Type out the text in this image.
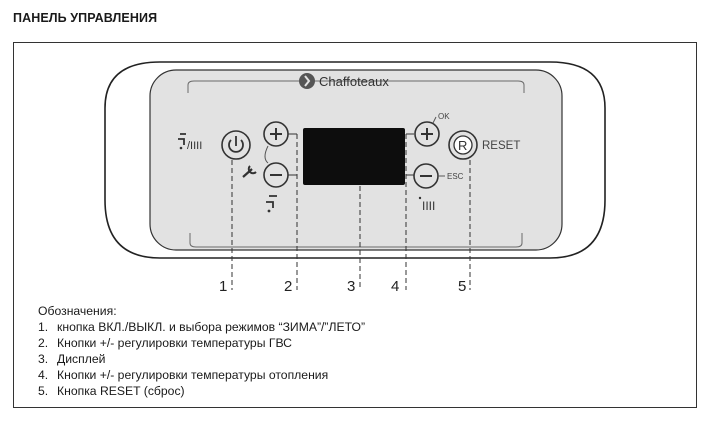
ПАНЕЛЬ УПРАВЛЕНИЯ
Chaffoteaux
/IIII
OK
ESC
IIII
R RESET
1	2	3 4	5
Обозначения:
1. кнопка ВКЛ./ВЫКЛ. и выбора режимов “ЗИМА”/”ЛЕТО”
2. Кнопки +/- регулировки температуры ГВС
3. Дисплей
4. Кнопки +/- регулировки температуры отопления
5. Кнопка RESET (сброс)
